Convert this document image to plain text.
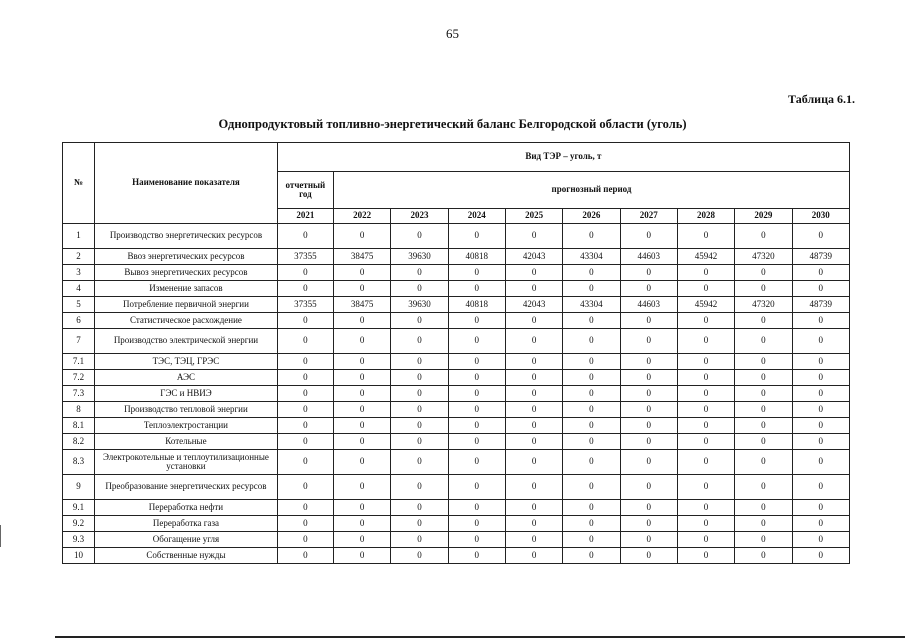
65
Таблица 6.1.
Однопродуктовый топливно-энергетический баланс Белгородской области (уголь)
№	Наименование показателя	Вид ТЭР – уголь, т									
		отчетный год	прогнозный период								
		2021	2022	2023	2024	2025	2026	2027	2028	2029	2030
1	Производство энергетических ресурсов	0	0	0	0	0	0	0	0	0	0
2	Ввоз энергетических ресурсов	37355	38475	39630	40818	42043	43304	44603	45942	47320	48739
3	Вывоз энергетических ресурсов	0	0	0	0	0	0	0	0	0	0
4	Изменение запасов	0	0	0	0	0	0	0	0	0	0
5	Потребление первичной энергии	37355	38475	39630	40818	42043	43304	44603	45942	47320	48739
6	Статистическое расхождение	0	0	0	0	0	0	0	0	0	0
7	Производство электрической энергии	0	0	0	0	0	0	0	0	0	0
7.1	ТЭС, ТЭЦ, ГРЭС	0	0	0	0	0	0	0	0	0	0
7.2	АЭС	0	0	0	0	0	0	0	0	0	0
7.3	ГЭС и НВИЭ	0	0	0	0	0	0	0	0	0	0
8	Производство тепловой энергии	0	0	0	0	0	0	0	0	0	0
8.1	Теплоэлектростанции	0	0	0	0	0	0	0	0	0	0
8.2	Котельные	0	0	0	0	0	0	0	0	0	0
8.3	Электрокотельные и теплоутилизационные установки	0	0	0	0	0	0	0	0	0	0
9	Преобразование энергетических ресурсов	0	0	0	0	0	0	0	0	0	0
9.1	Переработка нефти	0	0	0	0	0	0	0	0	0	0
9.2	Переработка газа	0	0	0	0	0	0	0	0	0	0
9.3	Обогащение угля	0	0	0	0	0	0	0	0	0	0
10	Собственные нужды	0	0	0	0	0	0	0	0	0	0
